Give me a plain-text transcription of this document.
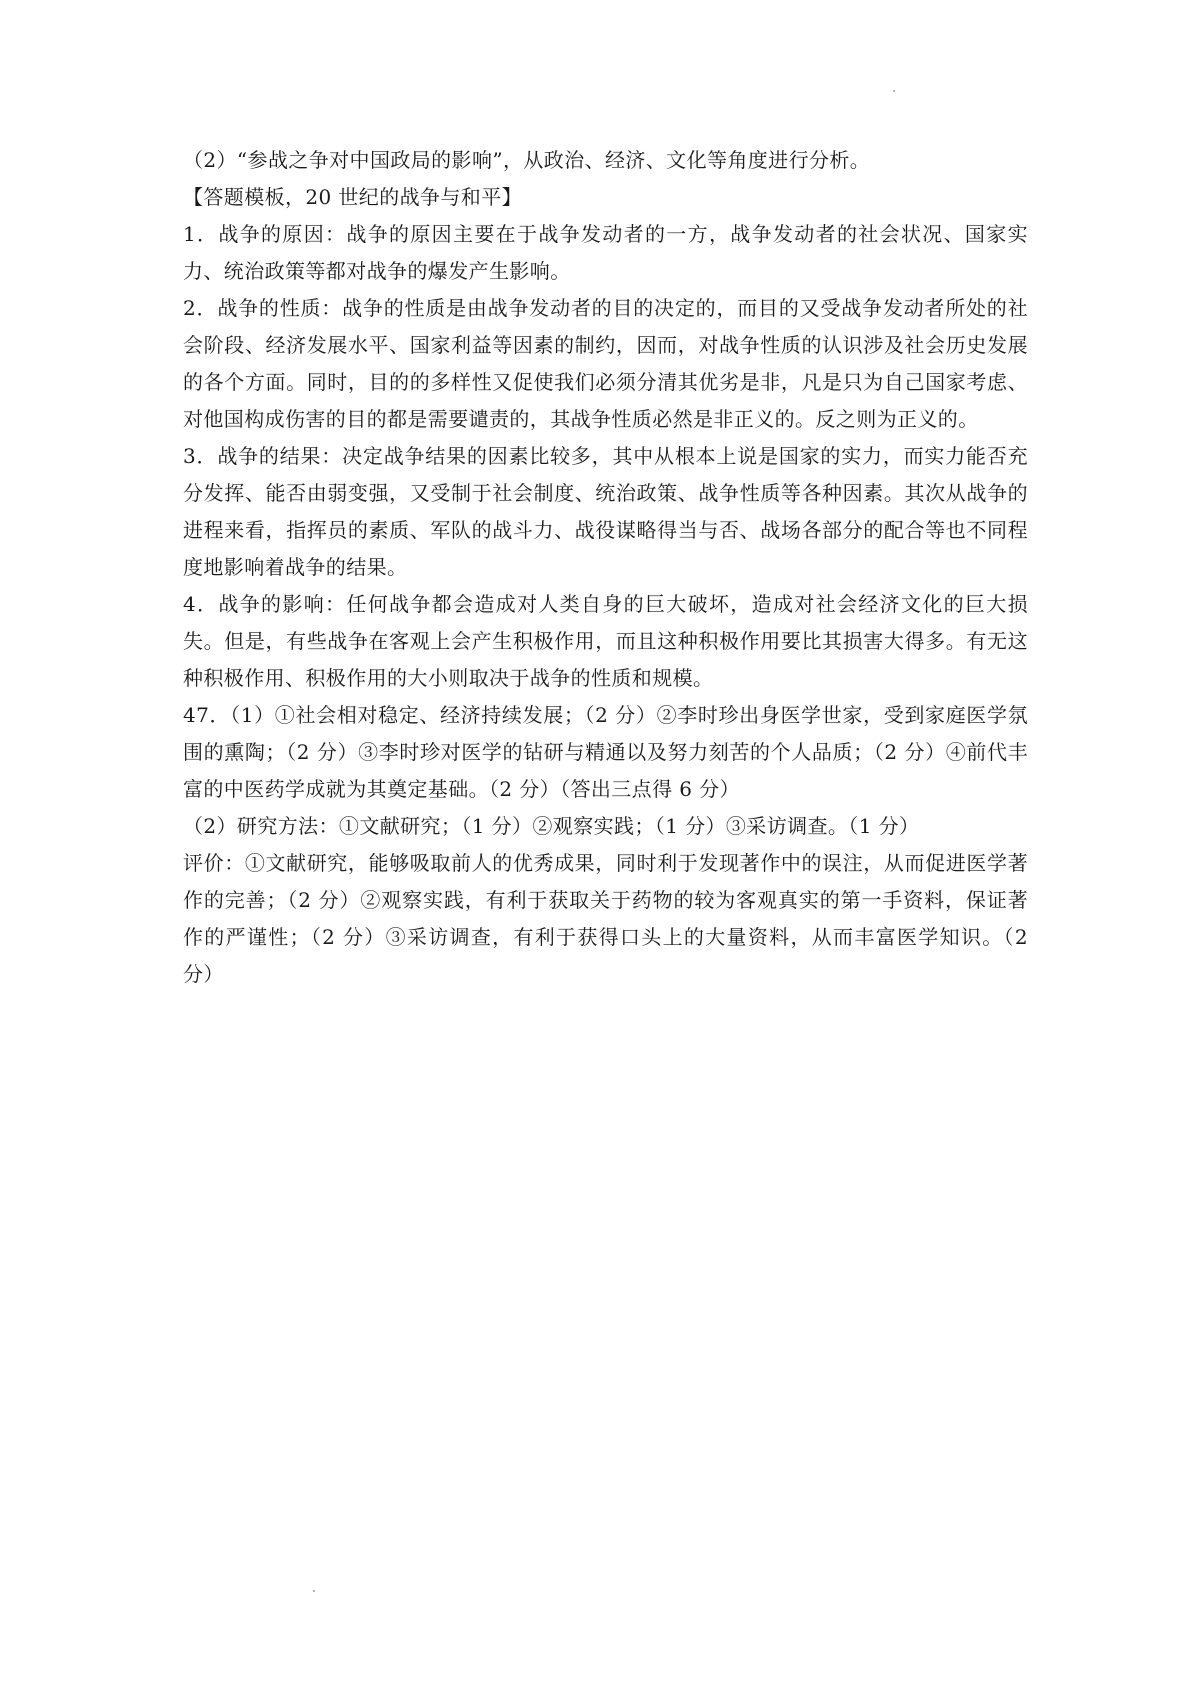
（2）“参战之争对中国政局的影响”，从政治、经济、文化等角度进行分析。

【答题模板，20 世纪的战争与和平】

1．战争的原因：战争的原因主要在于战争发动者的一方，战争发动者的社会状况、国家实力、统治政策等都对战争的爆发产生影响。

2．战争的性质：战争的性质是由战争发动者的目的决定的，而目的又受战争发动者所处的社会阶段、经济发展水平、国家利益等因素的制约，因而，对战争性质的认识涉及社会历史发展的各个方面。同时，目的的多样性又促使我们必须分清其优劣是非，凡是只为自己国家考虑、对他国构成伤害的目的都是需要谴责的，其战争性质必然是非正义的。反之则为正义的。

3．战争的结果：决定战争结果的因素比较多，其中从根本上说是国家的实力，而实力能否充分发挥、能否由弱变强，又受制于社会制度、统治政策、战争性质等各种因素。其次从战争的进程来看，指挥员的素质、军队的战斗力、战役谋略得当与否、战场各部分的配合等也不同程度地影响着战争的结果。

4．战争的影响：任何战争都会造成对人类自身的巨大破坏，造成对社会经济文化的巨大损失。但是，有些战争在客观上会产生积极作用，而且这种积极作用要比其损害大得多。有无这种积极作用、积极作用的大小则取决于战争的性质和规模。

47．（1）①社会相对稳定、经济持续发展；（2 分）②李时珍出身医学世家，受到家庭医学氛围的熏陶；（2 分）③李时珍对医学的钻研与精通以及努力刻苦的个人品质；（2 分）④前代丰富的中医药学成就为其奠定基础。（2 分）（答出三点得 6 分）

（2）研究方法：①文献研究；（1 分）②观察实践；（1 分）③采访调查。（1 分）

评价：①文献研究，能够吸取前人的优秀成果，同时利于发现著作中的误注，从而促进医学著作的完善；（2 分）②观察实践，有利于获取关于药物的较为客观真实的第一手资料，保证著作的严谨性；（2 分）③采访调查，有利于获得口头上的大量资料，从而丰富医学知识。（2 分）
